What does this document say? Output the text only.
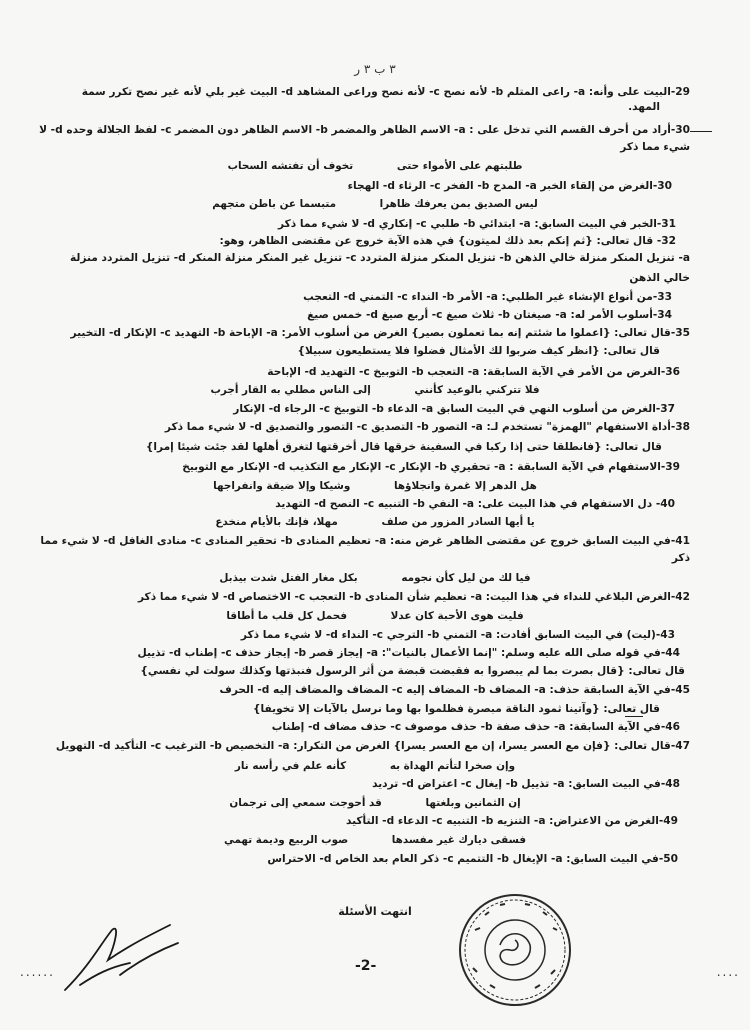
٣ ب ٣ ر
29-البيت على وأنه: a- راعى المتلم b- لأنه نصح c- لأنه نصح وراعى المشاهد d- البيت غير بلي لأنه غير نصح تكرر سمة
المهد.
30-أراد من أحرف القسم التي تدخل على : a- الاسم الظاهر والمضمر b- الاسم الظاهر دون المضمر c- لفظ الجلالة وحده d- لا
شيء مما ذكر
طلبتهم على الأمواء حتى تخوف أن تفتشه السحاب
30-الغرض من إلقاء الخبر a- المدح b- الفخر c- الرثاء d- الهجاء
ليس الصديق بمن يعرفك ظاهرا متبسما عن باطن متجهم
31-الخبر في البيت السابق: a- ابتدائي b- طلبي c- إنكاري d- لا شيء مما ذكر
32- قال تعالى: {ثم إنكم بعد ذلك لميتون} في هذه الآية خروج عن مقتضى الظاهر، وهو:
a- تنزيل المنكر منزلة خالي الذهن b- تنزيل المنكر منزلة المتردد c- تنزيل غير المنكر منزلة المنكر d- تنزيل المتردد منزلة
خالي الذهن
33-من أنواع الإنشاء غير الطلبي: a- الأمر b- النداء c- التمني d- التعجب
34-أسلوب الأمر له: a- صيغتان b- ثلاث صيغ c- أربع صيغ d- خمس صيغ
35-قال تعالى: {اعملوا ما شئتم إنه بما تعملون بصير} الغرض من أسلوب الأمر: a- الإباحة b- التهديد c- الإنكار d- التخيير
قال تعالى: {انظر كيف ضربوا لك الأمثال فضلوا فلا يستطيعون سبيلا}
36-الغرض من الأمر في الآية السابقة: a- التعجب b- التوبيخ c- التهديد d- الإباحة
فلا تتركني بالوعيد كأنني إلى الناس مطلي به القار أجرب
37-الغرض من أسلوب النهي في البيت السابق a- الدعاء b- التوبيخ c- الرجاء d- الإنكار
38-أداة الاستفهام "الهمزة" تستخدم لـ: a- التصور b- التصديق c- التصور والتصديق d- لا شيء مما ذكر
قال تعالى: {فانطلقا حتى إذا ركبا في السفينة خرقها قال أخرقتها لتغرق أهلها لقد جئت شيئا إمرا}
39-الاستفهام في الآية السابقة : a- تحقيري b- الإنكار c- الإنكار مع التكذيب d- الإنكار مع التوبيخ
هل الدهر إلا غمرة وانجلاؤها وشيكا وإلا ضيقة وانفراجها
40- دل الاستفهام في هذا البيت على: a- النفي b- التنبيه c- النصح d- التهديد
يا أيها السادر المزور من صلف مهلا، فإنك بالأيام منخدع
41-في البيت السابق خروج عن مقتضى الظاهر غرض منه: a- تعظيم المنادى b- تحقير المنادى c- منادى الغافل d- لا شيء مما
ذكر
فيا لك من ليل كأن نجومه بكل مغار الفتل شدت بيذبل
42-الغرض البلاغي للنداء في هذا البيت: a- تعظيم شأن المنادى b- التعجب c- الاختصاص d- لا شيء مما ذكر
فليت هوى الأحبة كان عدلا فحمل كل قلب ما أطاقا
43-(ليت) في البيت السابق أفادت: a- التمني b- الترجي c- النداء d- لا شيء مما ذكر
44-في قوله صلى الله عليه وسلم: "إنما الأعمال بالنيات": a- إيجاز قصر b- إيجاز حذف c- إطناب d- تذييل
قال تعالى: {قال بصرت بما لم يبصروا به فقبضت قبضة من أثر الرسول فنبذتها وكذلك سولت لي نفسي}
45-في الآية السابقة حذف: a- المضاف b- المضاف إليه c- المضاف والمضاف إليه d- الحرف
قال تعالى: {وآتينا ثمود الناقة مبصرة فظلموا بها وما نرسل بالآيات إلا تخويفا}
46-في الآية السابقة: a- حذف صفة b- حذف موصوف c- حذف مضاف d- إطناب
47-قال تعالى: {فإن مع العسر يسرا، إن مع العسر يسرا} الغرض من التكرار: a- التخصيص b- الترغيب c- التأكيد d- التهويل
وإن صخرا لتأتم الهداة به كأنه علم في رأسه نار
48-في البيت السابق: a- تذييل b- إيغال c- اعتراض d- ترديد
إن الثمانين وبلغتها قد أحوجت سمعي إلى ترجمان
49-الغرض من الاعتراض: a- التنزيه b- التنبيه c- الدعاء d- التأكيد
فسقى ديارك غير مفسدها صوب الربيع وديمة تهمي
50-في البيت السابق: a- الإيغال b- التتميم c- ذكر العام بعد الخاص d- الاحتراس
انتهت الأسئلة
-2-
......	....
